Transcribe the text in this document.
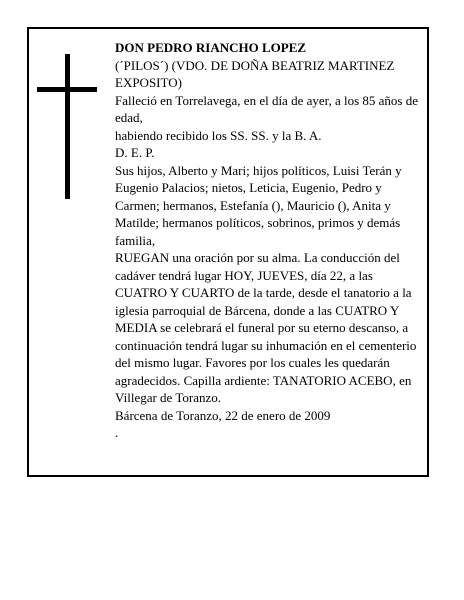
DON PEDRO RIANCHO LOPEZ
(´PILOS´) (VDO. DE DOÑA BEATRIZ MARTINEZ EXPOSITO)
Falleció en Torrelavega, en el día de ayer, a los 85 años de edad,
habiendo recibido los SS. SS. y la B. A.
D. E. P.
Sus hijos, Alberto y Mari; hijos políticos, Luisi Terán y Eugenio Palacios; nietos, Leticia, Eugenio, Pedro y Carmen; hermanos, Estefanía (), Mauricio (), Anita y Matilde; hermanos políticos, sobrinos, primos y demás familia,
RUEGAN una oración por su alma. La conducción del cadáver tendrá lugar HOY, JUEVES, día 22, a las CUATRO Y CUARTO de la tarde, desde el tanatorio a la iglesia parroquial de Bárcena, donde a las CUATRO Y MEDIA se celebrará el funeral por su eterno descanso, a continuación tendrá lugar su inhumación en el cementerio del mismo lugar. Favores por los cuales les quedarán agradecidos. Capilla ardiente: TANATORIO ACEBO, en Villegar de Toranzo.
Bárcena de Toranzo, 22 de enero de 2009
.
